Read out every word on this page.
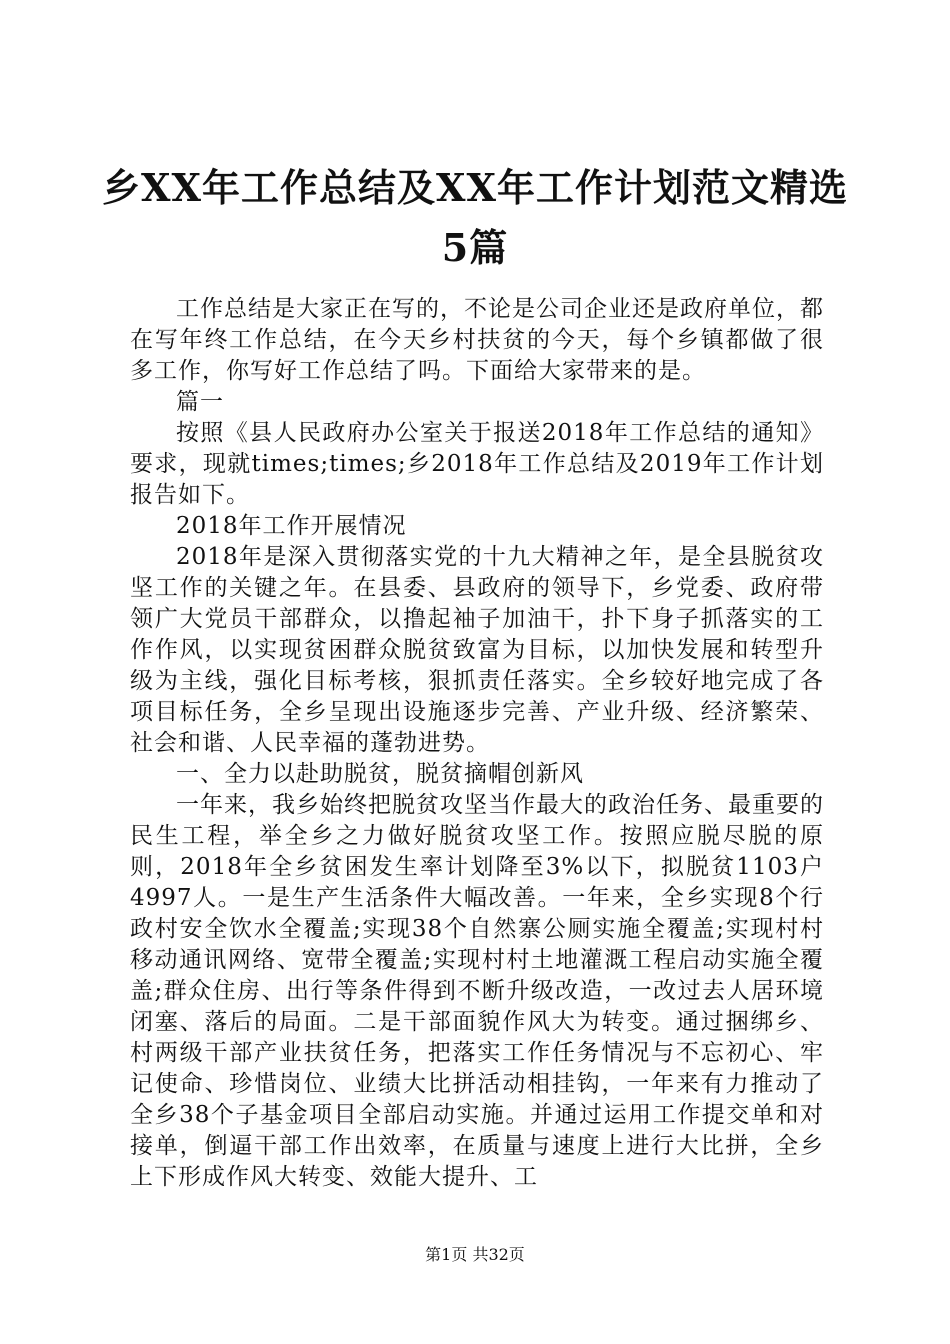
乡XX年工作总结及XX年工作计划范文精选5篇

工作总结是大家正在写的，不论是公司企业还是政府单位，都在写年终工作总结，在今天乡村扶贫的今天，每个乡镇都做了很多工作，你写好工作总结了吗。下面给大家带来的是。

篇一

按照《县人民政府办公室关于报送2018年工作总结的通知》要求，现就times;times;乡2018年工作总结及2019年工作计划报告如下。

2018年工作开展情况

2018年是深入贯彻落实党的十九大精神之年，是全县脱贫攻坚工作的关键之年。在县委、县政府的领导下，乡党委、政府带领广大党员干部群众，以撸起袖子加油干，扑下身子抓落实的工作作风，以实现贫困群众脱贫致富为目标，以加快发展和转型升级为主线，强化目标考核，狠抓责任落实。全乡较好地完成了各项目标任务，全乡呈现出设施逐步完善、产业升级、经济繁荣、社会和谐、人民幸福的蓬勃进势。

一、全力以赴助脱贫，脱贫摘帽创新风

一年来，我乡始终把脱贫攻坚当作最大的政治任务、最重要的民生工程，举全乡之力做好脱贫攻坚工作。按照应脱尽脱的原则，2018年全乡贫困发生率计划降至3%以下，拟脱贫1103户4997人。一是生产生活条件大幅改善。一年来，全乡实现8个行政村安全饮水全覆盖;实现38个自然寨公厕实施全覆盖;实现村村移动通讯网络、宽带全覆盖;实现村村土地灌溉工程启动实施全覆盖;群众住房、出行等条件得到不断升级改造，一改过去人居环境闭塞、落后的局面。二是干部面貌作风大为转变。通过捆绑乡、村两级干部产业扶贫任务，把落实工作任务情况与不忘初心、牢记使命、珍惜岗位、业绩大比拼活动相挂钩，一年来有力推动了全乡38个子基金项目全部启动实施。并通过运用工作提交单和对接单，倒逼干部工作出效率，在质量与速度上进行大比拼，全乡上下形成作风大转变、效能大提升、工

第1页 共32页
